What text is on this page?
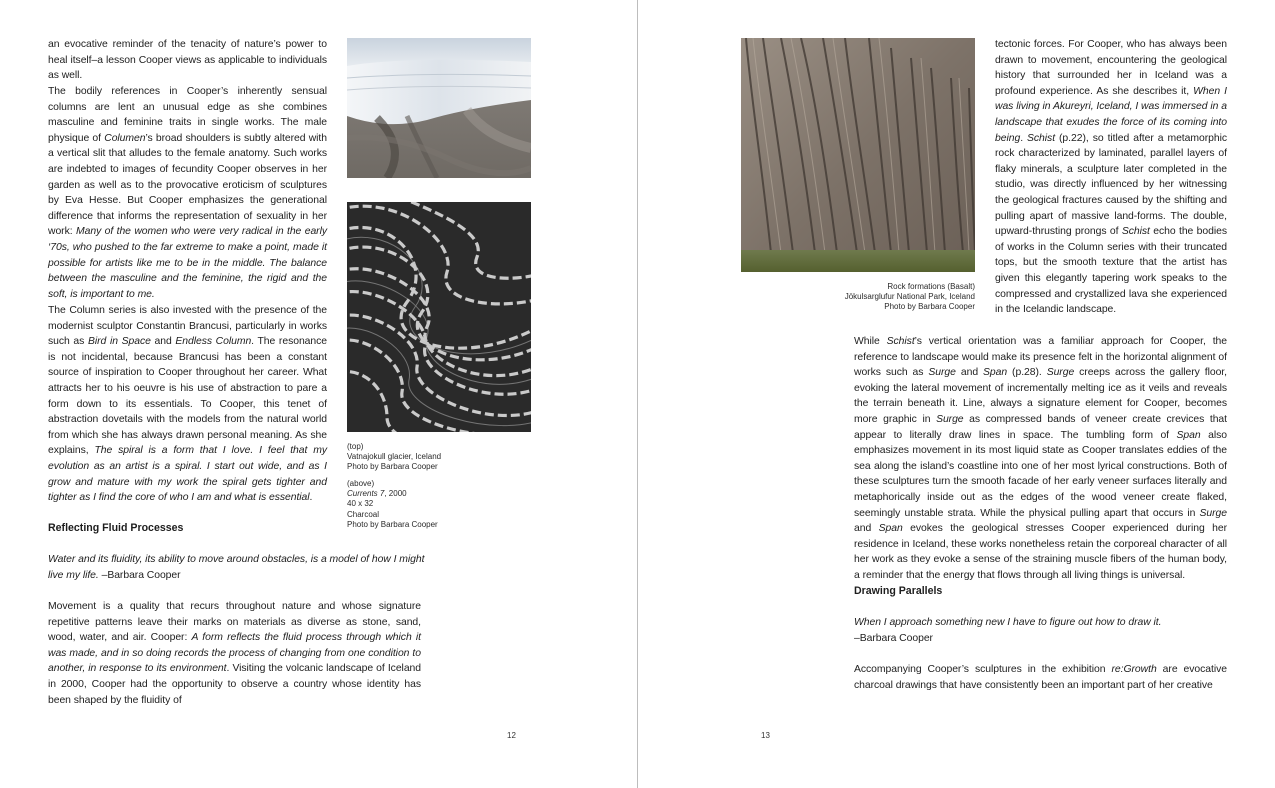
an evocative reminder of the tenacity of nature’s power to heal itself–a lesson Cooper views as applicable to individuals as well.

The bodily references in Cooper’s inherently sensual columns are lent an unusual edge as she combines masculine and feminine traits in single works. The male physique of Columen’s broad shoulders is subtly altered with a vertical slit that alludes to the female anatomy. Such works are indebted to images of fecundity Cooper observes in her garden as well as to the provocative eroticism of sculptures by Eva Hesse. But Cooper emphasizes the generational difference that informs the representation of sexuality in her work: Many of the women who were very radical in the early ‘70s, who pushed to the far extreme to make a point, made it possible for artists like me to be in the middle. The balance between the masculine and the feminine, the rigid and the soft, is important to me.

The Column series is also invested with the presence of the modernist sculptor Constantin Brancusi, particularly in works such as Bird in Space and Endless Column. The resonance is not incidental, because Brancusi has been a constant source of inspiration to Cooper throughout her career. What attracts her to his oeuvre is his use of abstraction to pare a form down to its essentials. To Cooper, this tenet of abstraction dovetails with the models from the natural world from which she has always drawn personal meaning. As she explains, The spiral is a form that I love. I feel that my evolution as an artist is a spiral. I start out wide, and as I grow and mature with my work the spiral gets tighter and tighter as I find the core of who I am and what is essential.

Reflecting Fluid Processes

Water and its fluidity, its ability to move around obstacles, is a model of how I might live my life. –Barbara Cooper

Movement is a quality that recurs throughout nature and whose signature repetitive patterns leave their marks on materials as diverse as stone, sand, wood, water, and air. Cooper: A form reflects the fluid process through which it was made, and in so doing records the process of changing from one condition to another, in response to its environment. Visiting the volcanic landscape of Iceland in 2000, Cooper had the opportunity to observe a country whose identity has been shaped by the fluidity of

(top)
Vatnajokull glacier, Iceland
Photo by Barbara Cooper
(above)
Currents 7, 2000
40 x 32
Charcoal
Photo by Barbara Cooper
12
Rock formations (Basalt)
Jökulsarglufur National Park, Iceland
Photo by Barbara Cooper

tectonic forces. For Cooper, who has always been drawn to movement, encountering the geological history that surrounded her in Iceland was a profound experience. As she describes it, When I was living in Akureyri, Iceland, I was immersed in a landscape that exudes the force of its coming into being. Schist (p.22), so titled after a metamorphic rock characterized by laminated, parallel layers of flaky minerals, a sculpture later completed in the studio, was directly influenced by her witnessing the geological fractures caused by the shifting and pulling apart of massive land-forms. The double, upward-thrusting prongs of Schist echo the bodies of works in the Column series with their truncated tops, but the smooth texture that the artist has given this elegantly tapering work speaks to the compressed and crystallized lava she experienced in the Icelandic landscape.

While Schist’s vertical orientation was a familiar approach for Cooper, the reference to landscape would make its presence felt in the horizontal alignment of works such as Surge and Span (p.28). Surge creeps across the gallery floor, evoking the lateral movement of incrementally melting ice as it veils and reveals the terrain beneath it. Line, always a signature element for Cooper, becomes more graphic in Surge as compressed bands of veneer create crevices that appear to literally draw lines in space. The tumbling form of Span also emphasizes movement in its most liquid state as Cooper translates eddies of the sea along the island’s coastline into one of her most lyrical constructions. Both of these sculptures turn the smooth facade of her early veneer surfaces literally and metaphorically inside out as the edges of the wood veneer create flaked, seemingly unstable strata. While the physical pulling apart that occurs in Surge and Span evokes the geological stresses Cooper experienced during her residence in Iceland, these works nonetheless retain the corporeal character of all her work as they evoke a sense of the straining muscle fibers of the human body, a reminder that the energy that flows through all living things is universal.

Drawing Parallels

When I approach something new I have to figure out how to draw it.
–Barbara Cooper

Accompanying Cooper’s sculptures in the exhibition re:Growth are evocative charcoal drawings that have consistently been an important part of her creative

13
